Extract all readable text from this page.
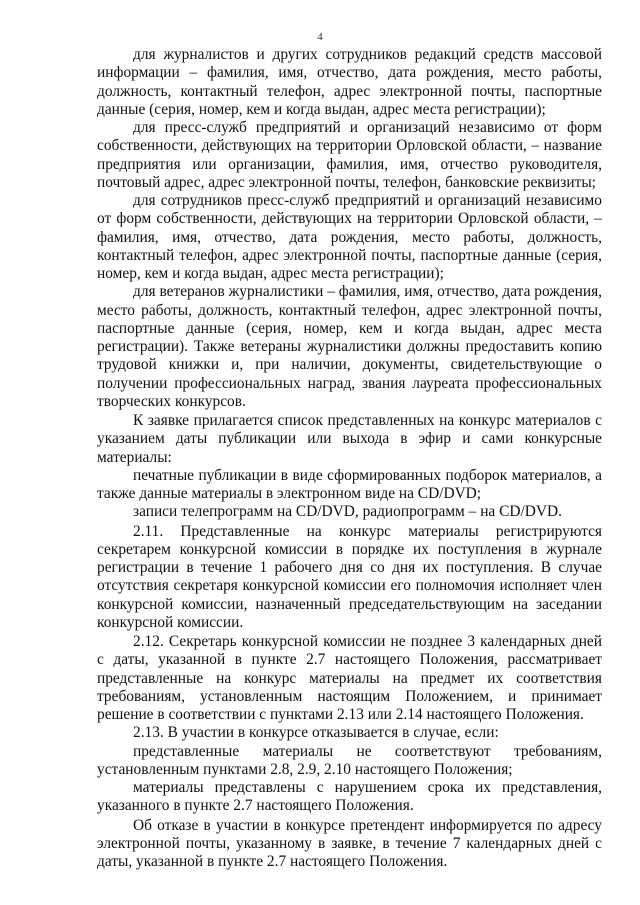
4

для журналистов и других сотрудников редакций средств массовой информации – фамилия, имя, отчество, дата рождения, место работы, должность, контактный телефон, адрес электронной почты, паспортные данные (серия, номер, кем и когда выдан, адрес места регистрации);

для пресс-служб предприятий и организаций независимо от форм собственности, действующих на территории Орловской области, – название предприятия или организации, фамилия, имя, отчество руководителя, почтовый адрес, адрес электронной почты, телефон, банковские реквизиты;

для сотрудников пресс-служб предприятий и организаций независимо от форм собственности, действующих на территории Орловской области, – фамилия, имя, отчество, дата рождения, место работы, должность, контактный телефон, адрес электронной почты, паспортные данные (серия, номер, кем и когда выдан, адрес места регистрации);

для ветеранов журналистики – фамилия, имя, отчество, дата рождения, место работы, должность, контактный телефон, адрес электронной почты, паспортные данные (серия, номер, кем и когда выдан, адрес места регистрации). Также ветераны журналистики должны предоставить копию трудовой книжки и, при наличии, документы, свидетельствующие о получении профессиональных наград, звания лауреата профессиональных творческих конкурсов.

К заявке прилагается список представленных на конкурс материалов с указанием даты публикации или выхода в эфир и сами конкурсные материалы:

печатные публикации в виде сформированных подборок материалов, а также данные материалы в электронном виде на CD/DVD;

записи телепрограмм на CD/DVD, радиопрограмм – на CD/DVD.

2.11. Представленные на конкурс материалы регистрируются секретарем конкурсной комиссии в порядке их поступления в журнале регистрации в течение 1 рабочего дня со дня их поступления. В случае отсутствия секретаря конкурсной комиссии его полномочия исполняет член конкурсной комиссии, назначенный председательствующим на заседании конкурсной комиссии.

2.12. Секретарь конкурсной комиссии не позднее 3 календарных дней с даты, указанной в пункте 2.7 настоящего Положения, рассматривает представленные на конкурс материалы на предмет их соответствия требованиям, установленным настоящим Положением, и принимает решение в соответствии с пунктами 2.13 или 2.14 настоящего Положения.

2.13. В участии в конкурсе отказывается в случае, если:

представленные материалы не соответствуют требованиям, установленным пунктами 2.8, 2.9, 2.10 настоящего Положения;

материалы представлены с нарушением срока их представления, указанного в пункте 2.7 настоящего Положения.

Об отказе в участии в конкурсе претендент информируется по адресу электронной почты, указанному в заявке, в течение 7 календарных дней с даты, указанной в пункте 2.7 настоящего Положения.
